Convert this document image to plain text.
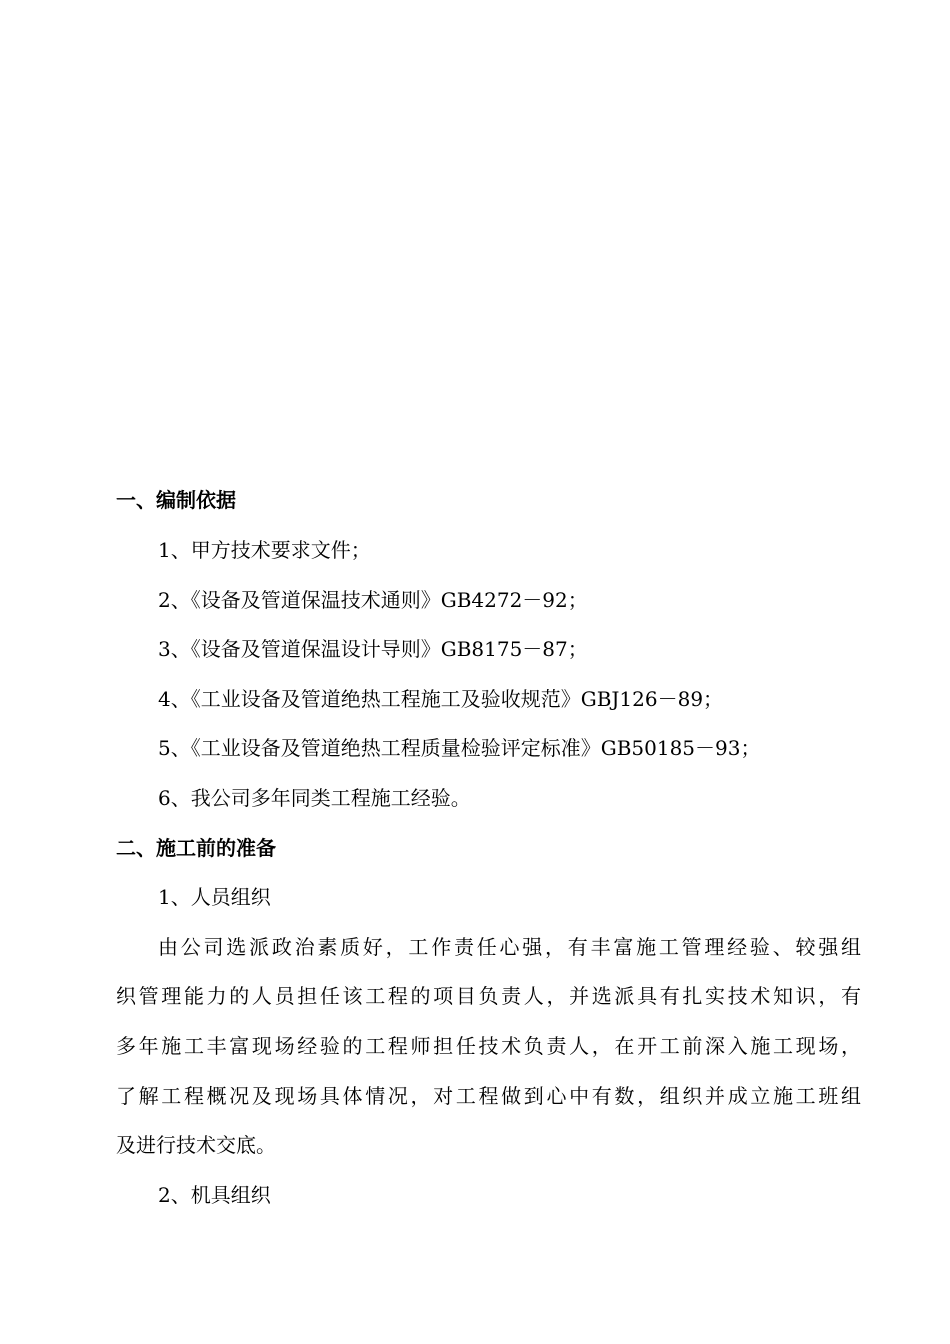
一、编制依据
1、甲方技术要求文件；
2、《设备及管道保温技术通则》GB4272－92；
3、《设备及管道保温设计导则》GB8175－87；
4、《工业设备及管道绝热工程施工及验收规范》GBJ126－89；
5、《工业设备及管道绝热工程质量检验评定标准》GB50185－93；
6、我公司多年同类工程施工经验。
二、施工前的准备
1、人员组织
由公司选派政治素质好，工作责任心强，有丰富施工管理经验、较强组
织管理能力的人员担任该工程的项目负责人，并选派具有扎实技术知识，有
多年施工丰富现场经验的工程师担任技术负责人，在开工前深入施工现场，
了解工程概况及现场具体情况，对工程做到心中有数，组织并成立施工班组
及进行技术交底。
2、机具组织
